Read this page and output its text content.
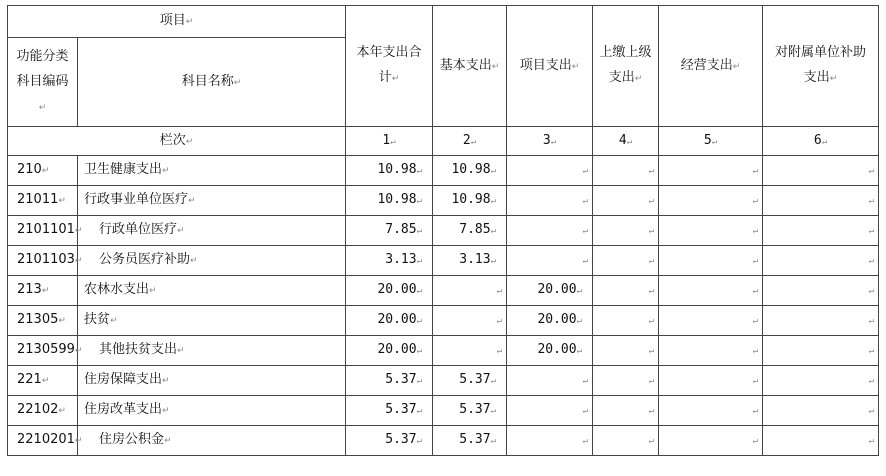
项目↵		本年支出合计↵	基本支出↵	项目支出↵	上缴上级支出↵	经营支出↵	对附属单位补助支出↵
功能分类科目编码↵	科目名称↵						
栏次↵		1↵	2↵	3↵	4↵	5↵	6↵
210↵	卫生健康支出↵	10.98↵	10.98↵	↵	↵	↵	↵
21011↵	行政事业单位医疗↵	10.98↵	10.98↵	↵	↵	↵	↵
2101101↵	行政单位医疗↵	7.85↵	7.85↵	↵	↵	↵	↵
2101103↵	公务员医疗补助↵	3.13↵	3.13↵	↵	↵	↵	↵
213↵	农林水支出↵	20.00↵	↵	20.00↵	↵	↵	↵
21305↵	扶贫↵	20.00↵	↵	20.00↵	↵	↵	↵
2130599↵	其他扶贫支出↵	20.00↵	↵	20.00↵	↵	↵	↵
221↵	住房保障支出↵	5.37↵	5.37↵	↵	↵	↵	↵
22102↵	住房改革支出↵	5.37↵	5.37↵	↵	↵	↵	↵
2210201↵	住房公积金↵	5.37↵	5.37↵	↵	↵	↵	↵
